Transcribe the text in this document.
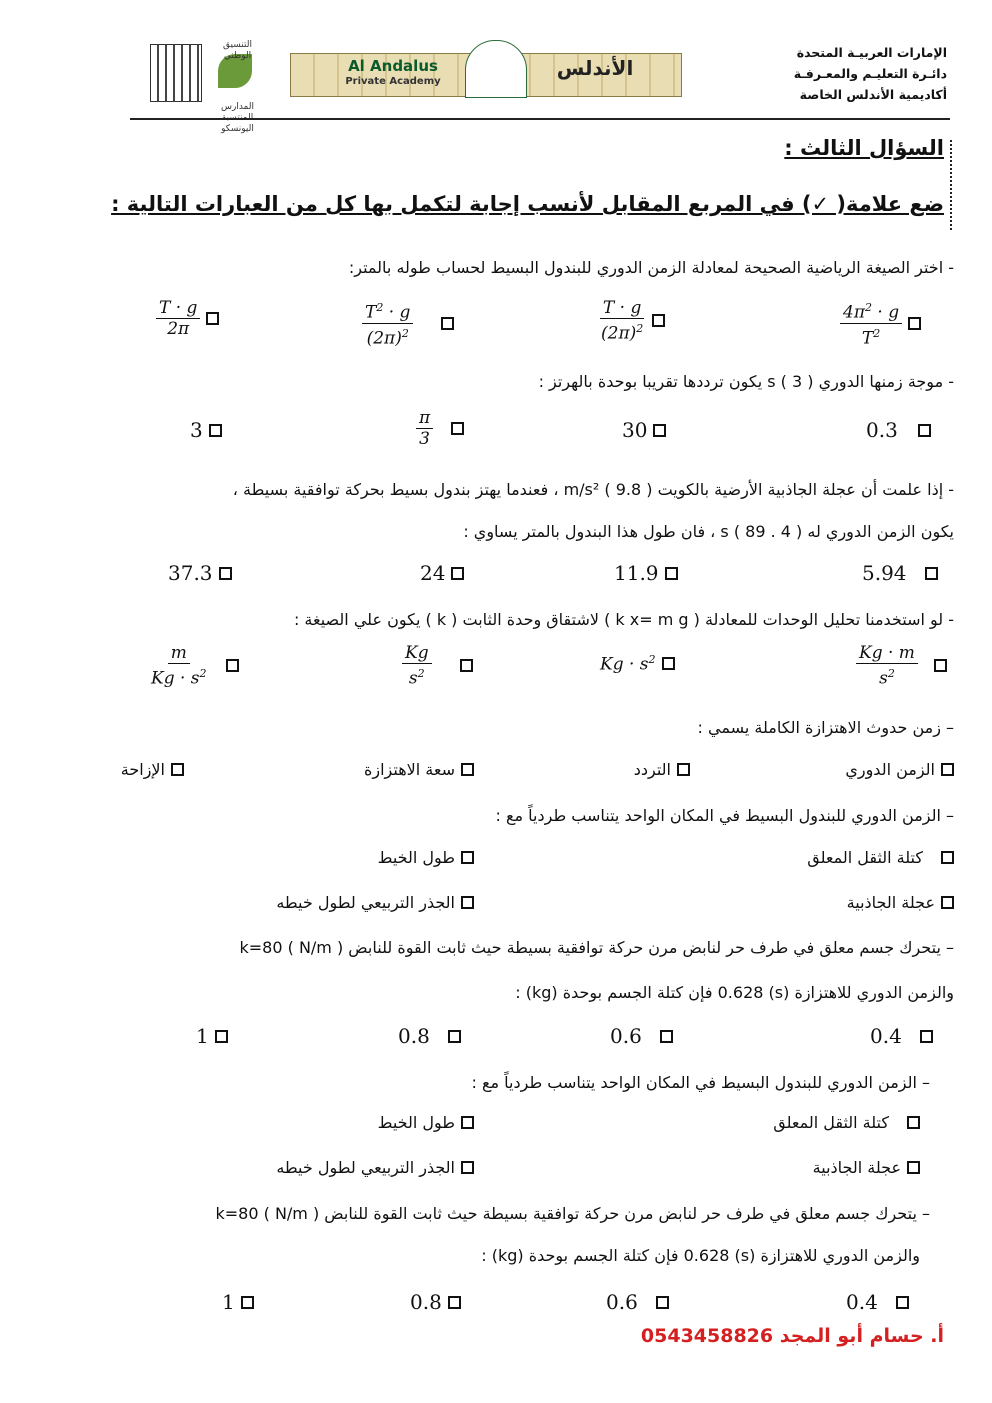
الإمارات العربيـة المتحدة
دائـرة التعليـم والمعـرفـة
أكاديمية الأندلس الخاصة
Al Andalus
Private Academy
الأندلس
التنسيق الوطني
المدارس المنتسبة
اليونسكو
السؤال الثالث :
ضع علامة( ✓) في المربع المقابل لأنسب إجابة لتكمل بها كل من العبارات التالية :
- اختر الصيغة الرياضية الصحيحة لمعادلة الزمن الدوري للبندول البسيط لحساب طوله بالمتر:
$\frac{4\pi^2 \cdot g}{T^2}$
$\frac{T \cdot g}{(2\pi)^2}$
$\frac{T^2 \cdot g}{(2\pi)^2}$
$\frac{T \cdot g}{2\pi}$
- موجة زمنها الدوري s ( 3 ) يكون ترددها تقريبا بوحدة بالهرتز :
0.3
30
$\frac{\pi}{3}$
3
- إذا علمت أن عجلة الجاذبية الأرضية بالكويت m/s² ( 9.8 ) ، فعندما يهتز بندول بسيط بحركة توافقية بسيطة ،
يكون الزمن الدوري له s ( 89 . 4 ) ، فان طول هذا البندول بالمتر يساوي :
5.94
11.9
24
37.3
- لو استخدمنا تحليل الوحدات للمعادلة ( k x= m g ) لاشتقاق وحدة الثابت ( k ) يكون علي الصيغة :
$\frac{Kg \cdot m}{s^2}$
$Kg \cdot s^2$
$\frac{Kg}{s^2}$
$\frac{m}{Kg \cdot s^2}$
– زمن حدوث الاهتزازة الكاملة يسمي :
الزمن الدوري
التردد
سعة الاهتزازة
الإزاحة
– الزمن الدوري للبندول البسيط في المكان الواحد يتناسب طردياً مع :
كتلة الثقل المعلق
طول الخيط
عجلة الجاذبية
الجذر التربيعي لطول خيطه
– يتحرك جسم معلق في طرف حر لنابض مرن حركة توافقية بسيطة حيث ثابت القوة للنابض ( N/m ) k=80
والزمن الدوري للاهتزازة (s) 0.628 فإن كتلة الجسم بوحدة (kg) :
0.4
0.6
0.8
1
– الزمن الدوري للبندول البسيط في المكان الواحد يتناسب طردياً مع :
كتلة الثقل المعلق
طول الخيط
عجلة الجاذبية
الجذر التربيعي لطول خيطه
– يتحرك جسم معلق في طرف حر لنابض مرن حركة توافقية بسيطة حيث ثابت القوة للنابض ( N/m ) k=80
والزمن الدوري للاهتزازة (s) 0.628 فإن كتلة الجسم بوحدة (kg) :
0.4
0.6
0.8
1
أ. حسام أبو المجد 0543458826
